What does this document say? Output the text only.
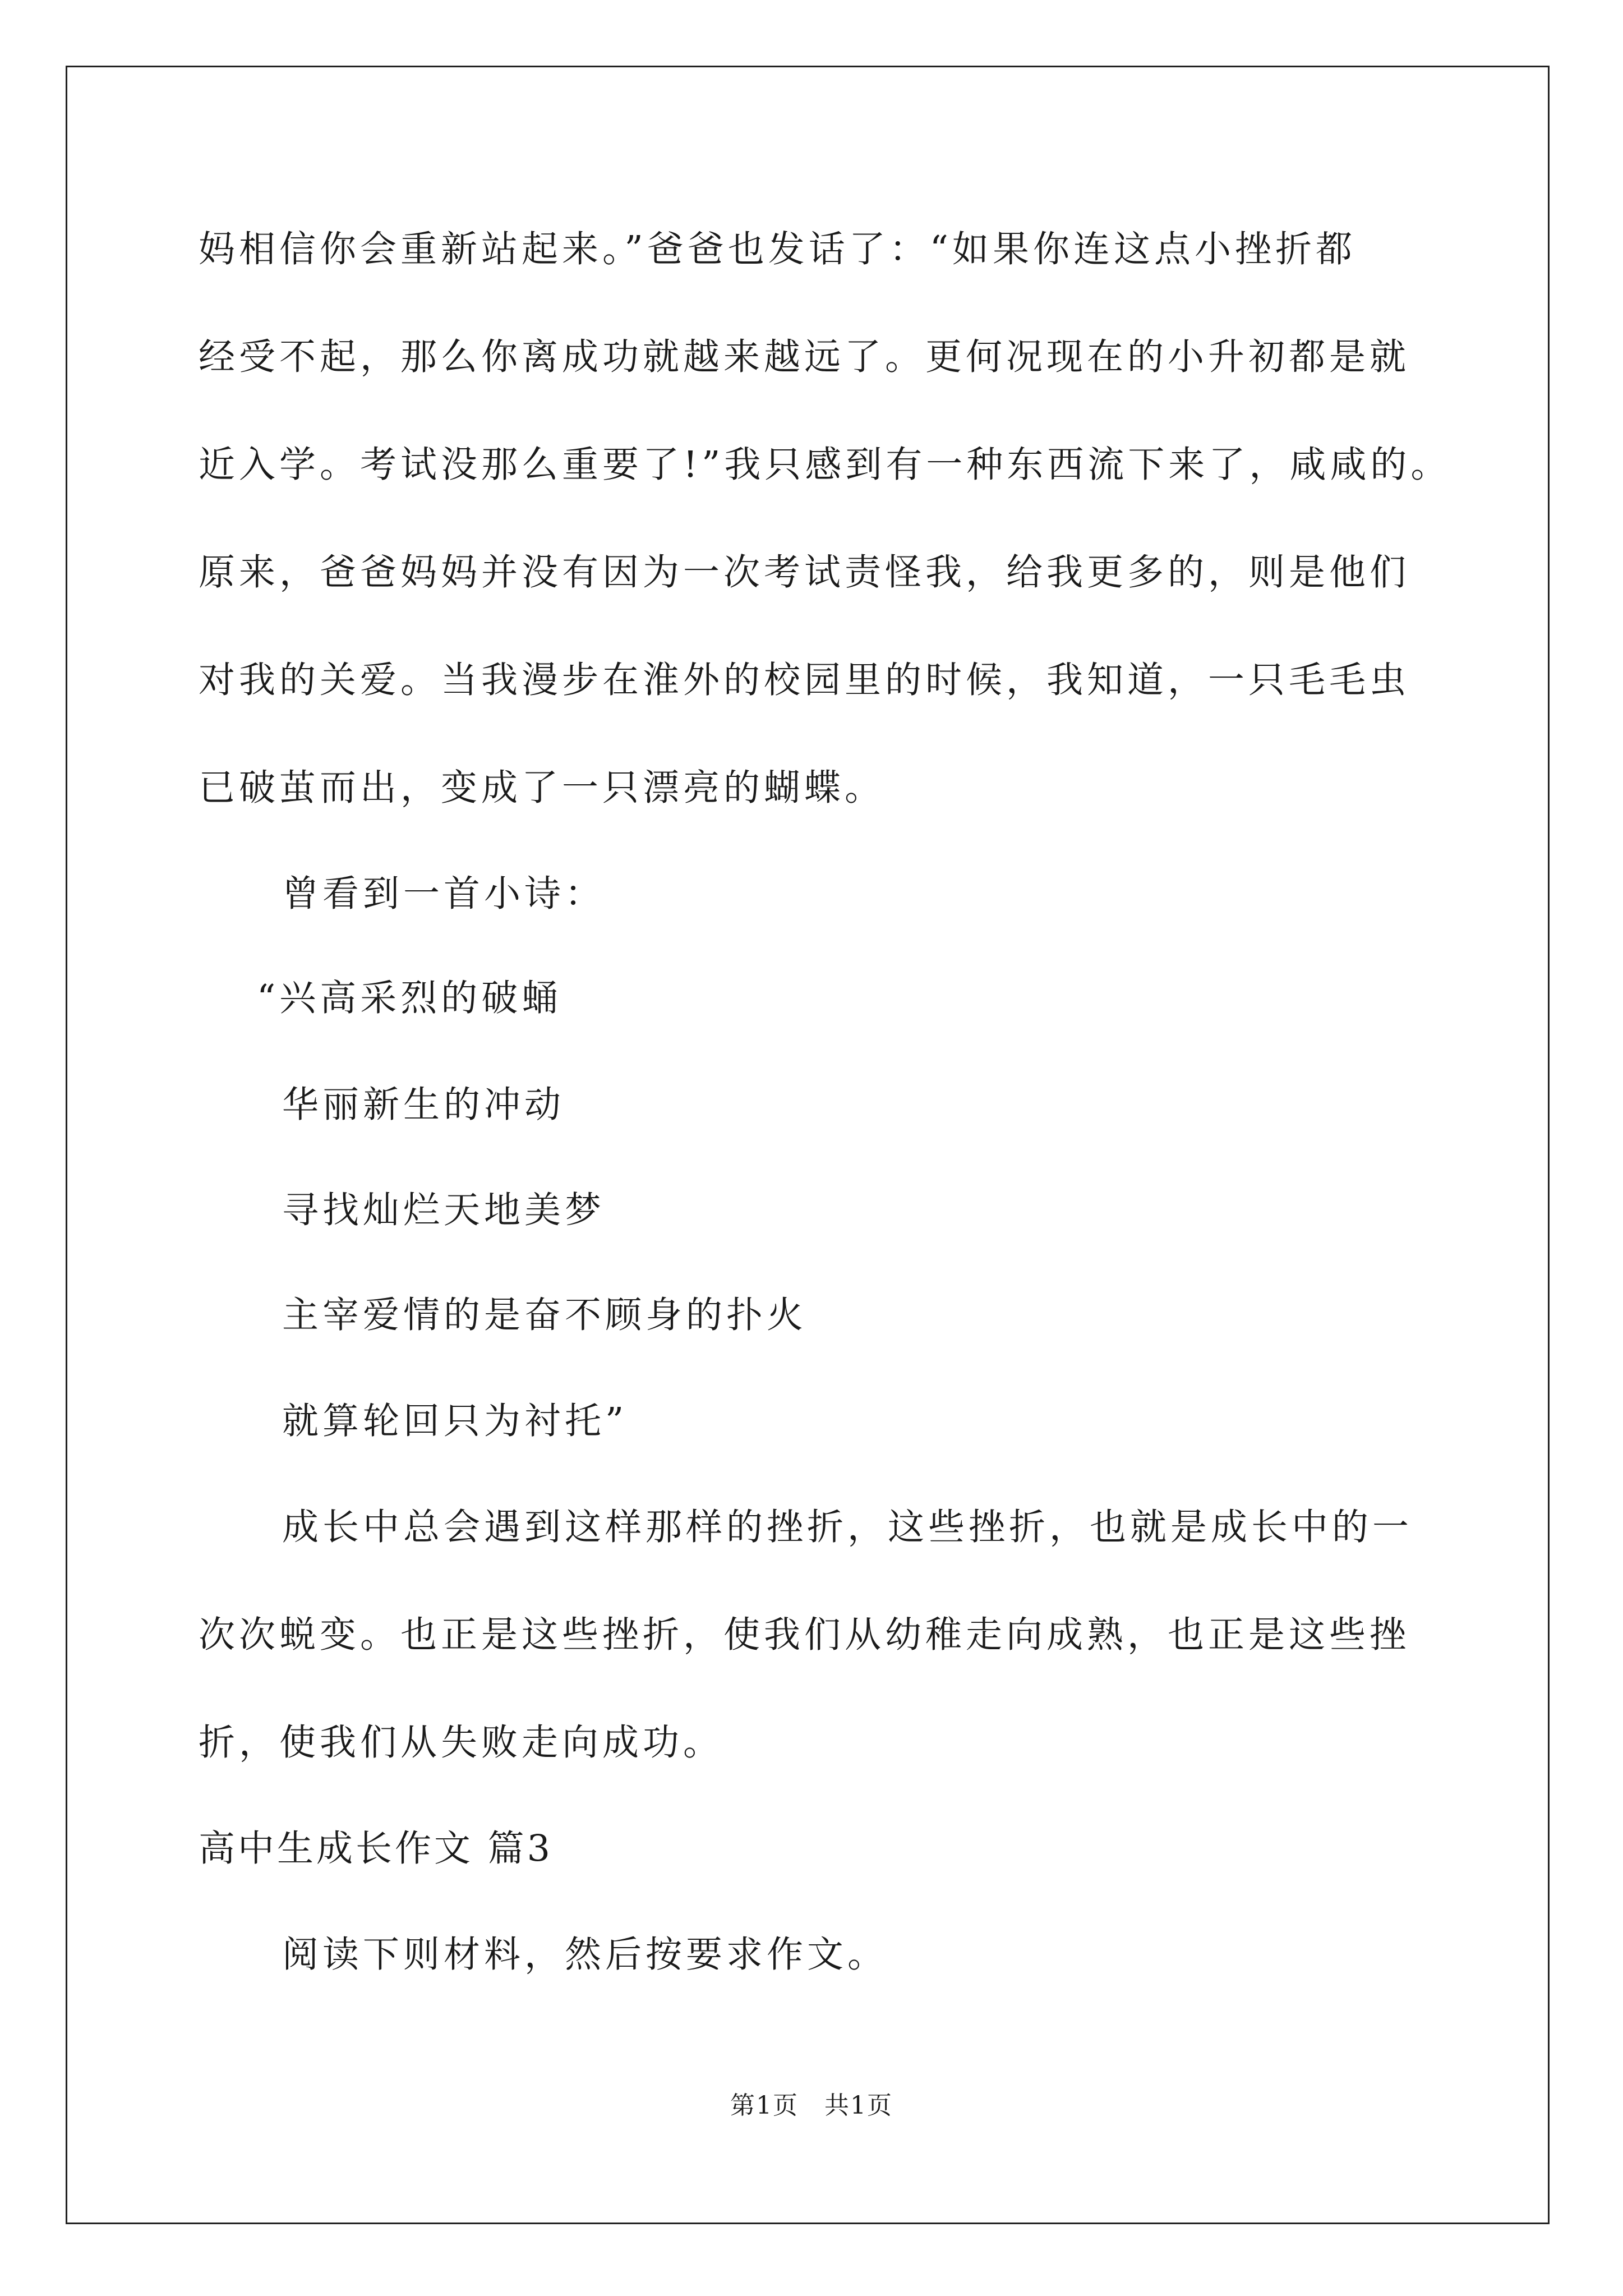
妈相信你会重新站起来。”爸爸也发话了：“如果你连这点小挫折都

经受不起，那么你离成功就越来越远了。更何况现在的小升初都是就

近入学。考试没那么重要了!”我只感到有一种东西流下来了，咸咸的。

原来，爸爸妈妈并没有因为一次考试责怪我，给我更多的，则是他们

对我的关爱。当我漫步在淮外的校园里的时候，我知道，一只毛毛虫

已破茧而出，变成了一只漂亮的蝴蝶。

曾看到一首小诗：

“兴高采烈的破蛹

华丽新生的冲动

寻找灿烂天地美梦

主宰爱情的是奋不顾身的扑火

就算轮回只为衬托”

成长中总会遇到这样那样的挫折，这些挫折，也就是成长中的一

次次蜕变。也正是这些挫折，使我们从幼稚走向成熟，也正是这些挫

折，使我们从失败走向成功。

高中生成长作文 篇3

阅读下则材料，然后按要求作文。

第1页　共1页
